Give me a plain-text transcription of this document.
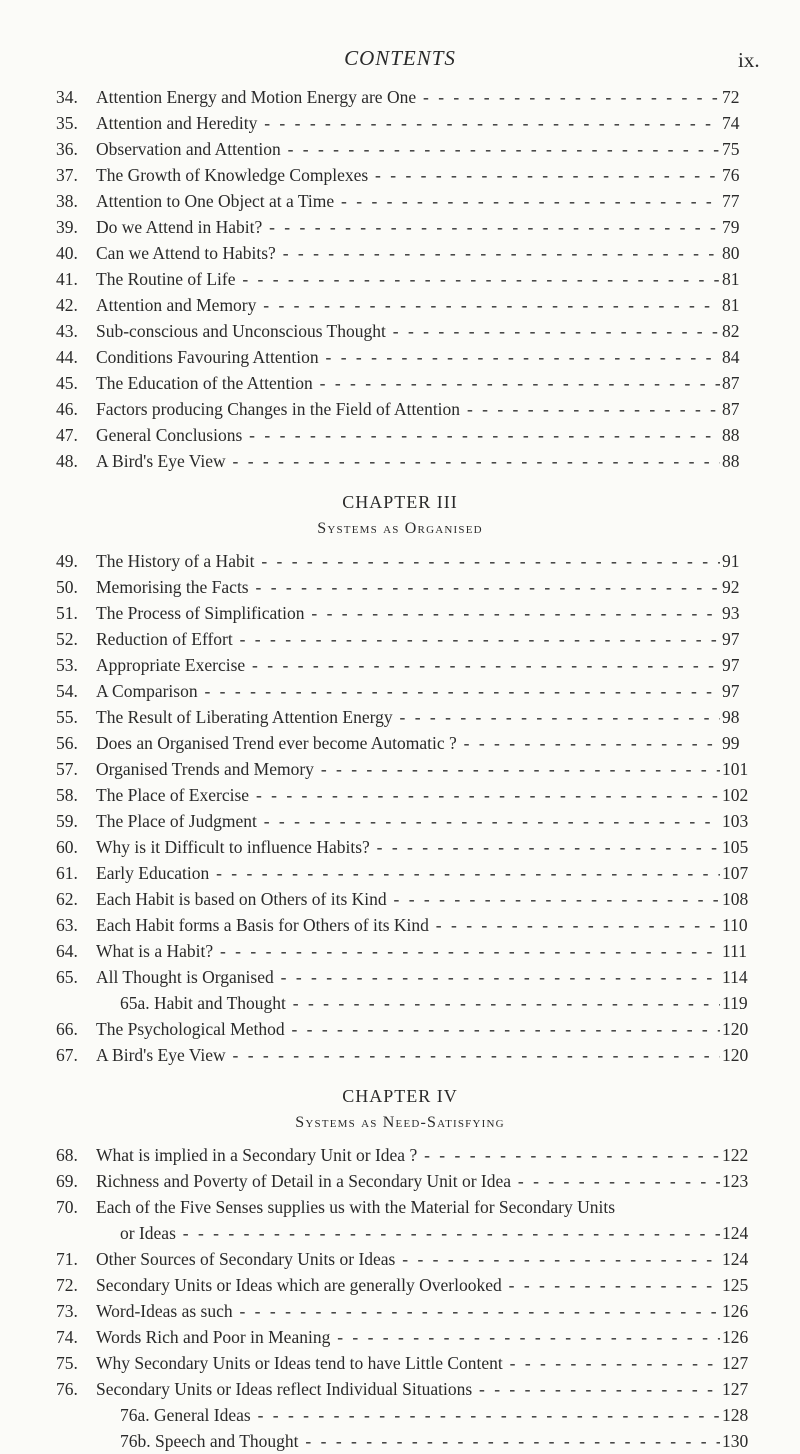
CONTENTS	ix.
34. Attention Energy and Motion Energy are One - -	72
35. Attention and Heredity - -	74
36. Observation and Attention - -	75
37. The Growth of Knowledge Complexes - -	76
38. Attention to One Object at a Time - -	77
39. Do we Attend in Habit? - -	79
40. Can we Attend to Habits? - -	80
41. The Routine of Life - -	81
42. Attention and Memory - -	81
43. Sub-conscious and Unconscious Thought - -	82
44. Conditions Favouring Attention - -	84
45. The Education of the Attention - -	87
46. Factors producing Changes in the Field of Attention - -	87
47. General Conclusions - -	88
48. A Bird's Eye View - -	88
CHAPTER III
Systems as Organised
49. The History of a Habit - -	91
50. Memorising the Facts - -	92
51. The Process of Simplification - -	93
52. Reduction of Effort - -	97
53. Appropriate Exercise - -	97
54. A Comparison - -	97
55. The Result of Liberating Attention Energy - -	98
56. Does an Organised Trend ever become Automatic ? - -	99
57. Organised Trends and Memory - -	101
58. The Place of Exercise - -	102
59. The Place of Judgment - -	103
60. Why is it Difficult to influence Habits? - -	105
61. Early Education - -	107
62. Each Habit is based on Others of its Kind - -	108
63. Each Habit forms a Basis for Others of its Kind - -	110
64. What is a Habit? - -	111
65. All Thought is Organised - -	114
65a. Habit and Thought - -	119
66. The Psychological Method - -	120
67. A Bird's Eye View - -	120
CHAPTER IV
Systems as Need-Satisfying
68. What is implied in a Secondary Unit or Idea ? - -	122
69. Richness and Poverty of Detail in a Secondary Unit or Idea - -	123
70. Each of the Five Senses supplies us with the Material for Secondary Units
or Ideas - -	124
71. Other Sources of Secondary Units or Ideas - -	124
72. Secondary Units or Ideas which are generally Overlooked - -	125
73. Word-Ideas as such - -	126
74. Words Rich and Poor in Meaning - -	126
75. Why Secondary Units or Ideas tend to have Little Content - -	127
76. Secondary Units or Ideas reflect Individual Situations - -	127
76a. General Ideas - -	128
76b. Speech and Thought - -	130
